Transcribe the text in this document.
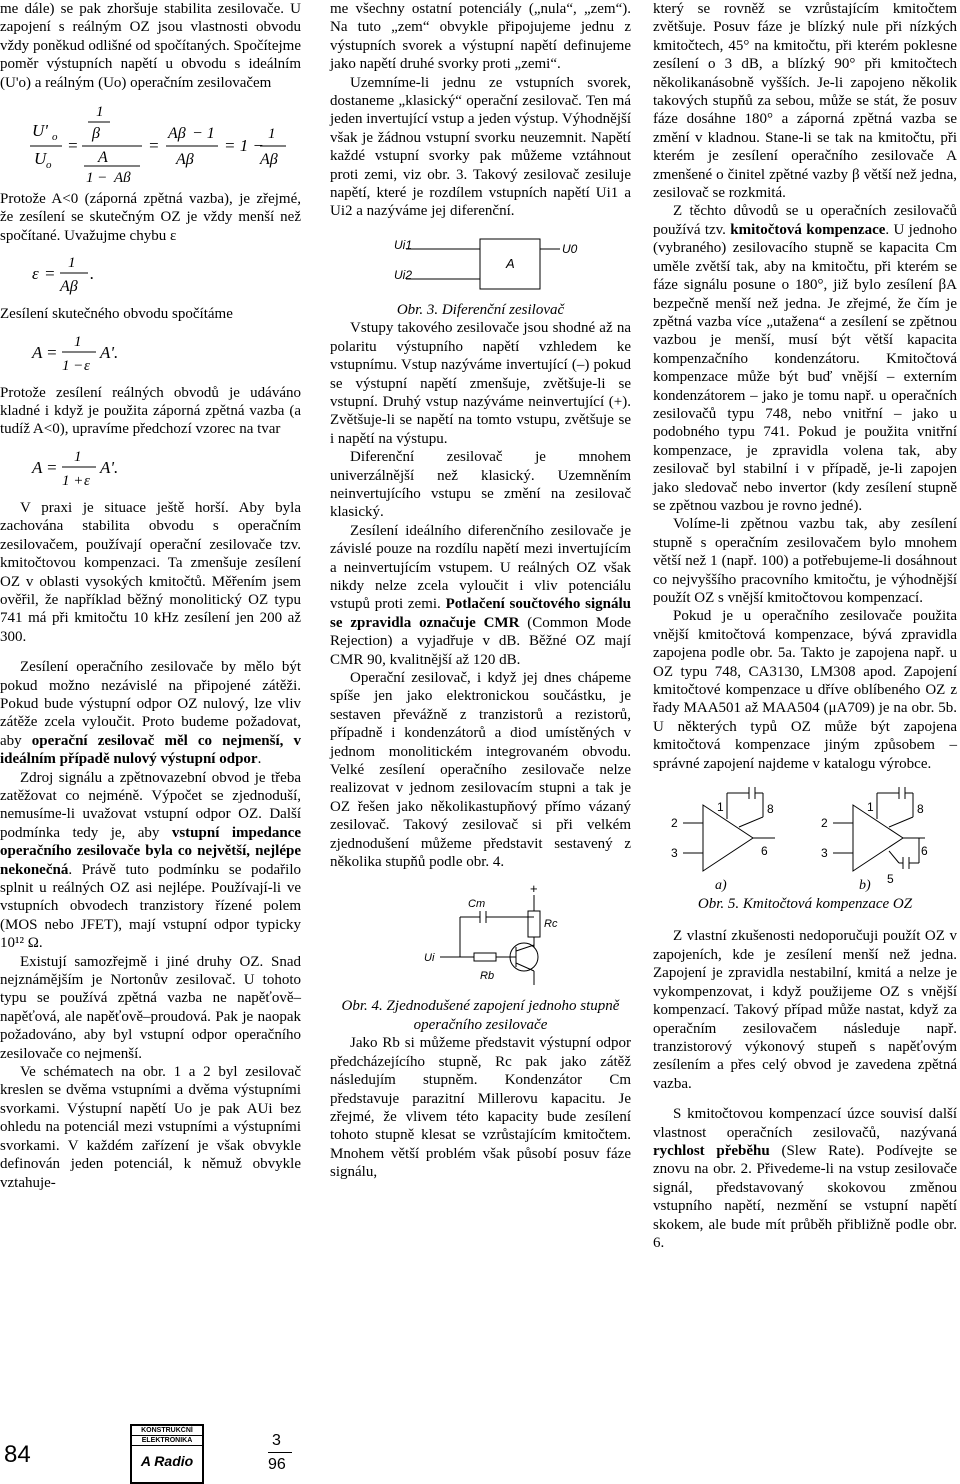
me dále) se pak zhoršuje stabilita zesilovače. U zapojení s reálným OZ jsou vlastnosti obvodu vždy poněkud odlišné od spočítaných. Spočítejme poměr výstupních napětí u obvodu s ideálním (U'o) a reálným (Uo) operačním zesilovačem

U' o
U o
=
1
β
A
1 − Aβ
=
Aβ − 1
Aβ
= 1 −
1
Aβ

Protože A<0 (záporná zpětná vazba), je zřejmé, že zesílení se skutečným OZ je vždy menší než spočítané. Uvažujme chybu ε

ε =
1
Aβ
.

Zesílení skutečného obvodu spočítáme

A =
1
1 − ε
A'.

Protože zesílení reálných obvodů je udáváno kladné i když je použita záporná zpětná vazba (a tudíž A<0), upravíme předchozí vzorec na tvar

A =
1
1 + ε
A'.

V praxi je situace ještě horší. Aby byla zachována stabilita obvodu s operačním zesilovačem, používají operační zesilovače tzv. kmitočtovou kompenzaci. Ta zmenšuje zesílení OZ v oblasti vysokých kmitočtů. Měřením jsem ověřil, že například běžný monolitický OZ typu 741 má při kmitočtu 10 kHz zesílení jen 200 až 300.

Zesílení operačního zesilovače by mělo být pokud možno nezávislé na připojené zátěži. Pokud bude výstupní odpor OZ nulový, lze vliv zátěže zcela vyloučit. Proto budeme požadovat, aby operační zesilovač měl co nejmenší, v ideálním případě nulový výstupní odpor.

Zdroj signálu a zpětnovazební obvod je třeba zatěžovat co nejméně. Výpočet se zjednoduší, nemusíme-li uvažovat vstupní odpor OZ. Další podmínka tedy je, aby vstupní impedance operačního zesilovače byla co největší, nejlépe nekonečná. Právě tuto podmínku se podařilo splnit u reálných OZ asi nejlépe. Používají-li ve vstupních obvodech tranzistory řízené polem (MOS nebo JFET), mají vstupní odpor typicky 10¹² Ω.

Existují samozřejmě i jiné druhy OZ. Snad nejznámějším je Nortonův zesilovač. U tohoto typu se používá zpětná vazba ne napěťově–napěťová, ale napěťově–proudová. Pak je naopak požadováno, aby byl vstupní odpor operačního zesilovače co nejmenší.

Ve schématech na obr. 1 a 2 byl zesilovač kreslen se dvěma vstupními a dvěma výstupními svorkami. Výstupní napětí Uo je pak AUi bez ohledu na potenciál mezi vstupními a výstupními svorkami. V každém zařízení je však obvykle definován jeden potenciál, k němuž obvykle vztahuje-

me všechny ostatní potenciály („nula“, „zem“). Na tuto „zem“ obvykle připojujeme jednu z výstupních svorek a výstupní napětí definujeme jako napětí druhé svorky proti „zemi“.

Uzemníme-li jednu ze vstupních svorek, dostaneme „klasický“ operační zesilovač. Ten má jeden invertující vstup a jeden výstup. Výhodnější však je žádnou vstupní svorku neuzemnit. Napětí každé vstupní svorky pak můžeme vztáhnout proti zemi, viz obr. 3. Takový zesilovač zesiluje napětí, které je rozdílem vstupních napětí Ui1 a Ui2 a nazýváme jej diferenční.

Ui1
Ui2
A
U0

Obr. 3. Diferenční zesilovač

Vstupy takového zesilovače jsou shodné až na polaritu výstupního napětí vzhledem ke vstupnímu. Vstup nazýváme invertující (–) pokud se výstupní napětí zmenšuje, zvětšuje-li se vstupní. Druhý vstup nazýváme neinvertující (+). Zvětšuje-li se napětí na tomto vstupu, zvětšuje se i napětí na výstupu.

Diferenční zesilovač je mnohem univerzálnější než klasický. Uzemněním neinvertujícího vstupu se změní na zesilovač klasický.

Zesílení ideálního diferenčního zesilovače je závislé pouze na rozdílu napětí mezi invertujícím a neinvertujícím vstupem. U reálných OZ však nikdy nelze zcela vyloučit i vliv potenciálu vstupů proti zemi. Potlačení součtového signálu se zpravidla označuje CMR (Common Mode Rejection) a vyjadřuje v dB. Běžné OZ mají CMR 90, kvalitnější až 120 dB.

Operační zesilovač, i když jej dnes chápeme spíše jen jako elektronickou součástku, je sestaven převážně z tranzistorů a rezistorů, případně i kondenzátorů a diod umístěných v jednom monolitickém integrovaném obvodu. Velké zesílení operačního zesilovače nelze realizovat v jednom zesilovacím stupni a tak je OZ řešen jako několikastupňový přímo vázaný zesilovač. Takový zesilovač si při velkém zjednodušení můžeme představit sestavený z několika stupňů podle obr. 4.

+
Rc
Cm
Rb
Ui

Obr. 4. Zjednodušené zapojení jednoho stupně operačního zesilovače

Jako Rb si můžeme představit výstupní odpor předcházejícího stupně, Rc pak jako zátěž následujím stupněm. Kondenzátor Cm představuje parazitní Millerovu kapacitu. Je zřejmé, že vlivem této kapacity bude zesílení tohoto stupně klesat se vzrůstajícím kmitočtem. Mnohem větší problém však působí posuv fáze signálu,

který se rovněž se vzrůstajícím kmitočtem zvětšuje. Posuv fáze je blízký nule při nízkých kmitočtech, 45° na kmitočtu, při kterém poklesne zesílení o 3 dB, a blízký 90° při kmitočtech několikanásobně vyšších. Je-li zapojeno několik takových stupňů za sebou, může se stát, že posuv fáze dosáhne 180° a záporná zpětná vazba se změní v kladnou. Stane-li se tak na kmitočtu, při kterém je zesílení operačního zesilovače A zmenšené o činitel zpětné vazby β větší než jedna, zesilovač se rozkmitá.

Z těchto důvodů se u operačních zesilovačů používá tzv. kmitočtová kompenzace. U jednoho (vybraného) zesilovacího stupně se kapacita Cm uměle zvětší tak, aby na kmitočtu, při kterém se fáze signálu posune o 180°, již bylo zesílení βA bezpečně menší než jedna. Je zřejmé, že čím je zpětná vazba více „utažena“ a zesílení se zpětnou vazbou je menší, musí být větší kapacita kompenzačního kondenzátoru. Kmitočtová kompenzace může být buď vnější – externím kondenzátorem – jako je tomu např. u operačních zesilovačů typu 748, nebo vnitřní – jako u podobného typu 741. Pokud je použita vnitřní kompenzace, je zpravidla volena tak, aby zesilovač byl stabilní i v případě, je-li zapojen jako sledovač nebo invertor (kdy zesílení stupně se zpětnou vazbou je rovno jedné).

Volíme-li zpětnou vazbu tak, aby zesílení stupně s operačním zesilovačem bylo mnohem větší než 1 (např. 100) a potřebujeme-li dosáhnout co nejvyššího pracovního kmitočtu, je výhodnější použít OZ s vnější kmitočtovou kompenzací.

Pokud je u operačního zesilovače použita vnější kmitočtová kompenzace, bývá zpravidla zapojena podle obr. 5a. Takto je zapojena např. u OZ typu 748, CA3130, LM308 apod. Zapojení kmitočtové kompenzace u dříve oblíbeného OZ z řady MAA501 až MAA504 (μA709) je na obr. 5b. U některých typů OZ může být zapojena kmitočtová kompenzace jiným způsobem – správné zapojení najdeme v katalogu výrobce.

2
3
1	8
6
a)
2
3
1	8
5
6
b)

Obr. 5. Kmitočtová kompenzace OZ

Z vlastní zkušenosti nedoporučuji použít OZ v zapojeních, kde je zesílení menší než jedna. Zapojení je zpravidla nestabilní, kmitá a nelze je vykompenzovat, i když použijeme OZ s vnější kompenzací. Takový případ může nastat, když za operačním zesilovačem následuje např. tranzistorový výkonový stupeň s napěťovým zesílením a přes celý obvod je zavedena zpětná vazba.

S kmitočtovou kompenzací úzce souvisí další vlastnost operačních zesilovačů, nazývaná rychlost přeběhu (Slew Rate). Podívejte se znovu na obr. 2. Přivedeme-li na vstup zesilovače signál, představovaný skokovou změnou vstupního napětí, nezmění se vstupní napětí skokem, ale bude mít průběh přibližně podle obr. 6.

84
KONSTRUKČNÍ
ELEKTRONIKA
A Radio
3
96
